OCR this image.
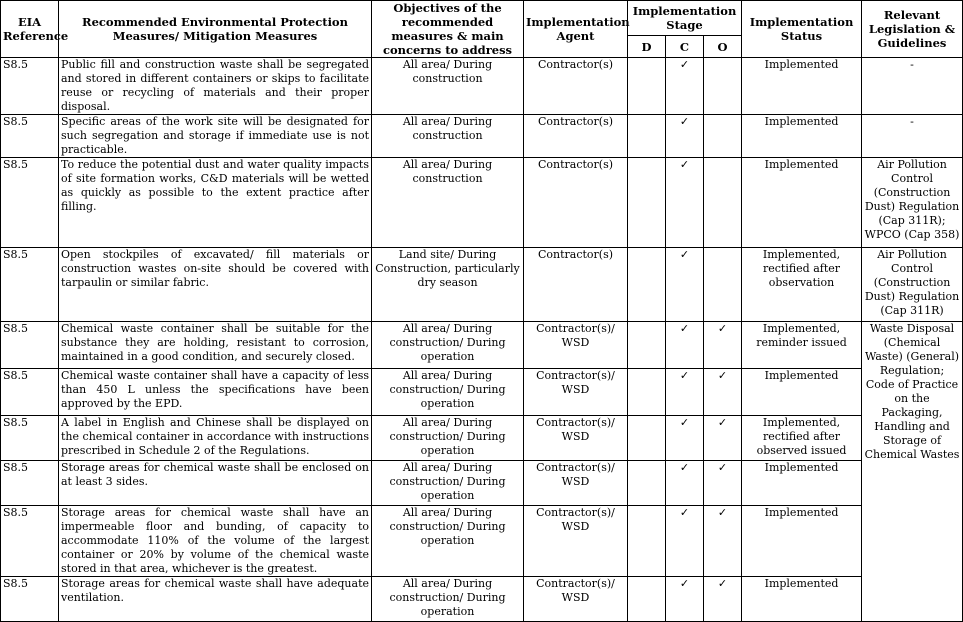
EIA Reference	Recommended Environmental Protection Measures/ Mitigation Measures	Objectives of the recommended measures & main concerns to address	Implementation Agent	Implementation Stage			Implementation Status	Relevant Legislation & Guidelines
				D	C	O		
S8.5	Public fill and construction waste shall be segregated and stored in different containers or skips to facilitate reuse or recycling of materials and their proper disposal.	All area/ During construction	Contractor(s)		✓		Implemented	-
S8.5	Specific areas of the work site will be designated for such segregation and storage if immediate use is not practicable.	All area/ During construction	Contractor(s)		✓		Implemented	-
S8.5	To reduce the potential dust and water quality impacts of site formation works, C&D materials will be wetted as quickly as possible to the extent practice after filling.	All area/ During construction	Contractor(s)		✓		Implemented	Air Pollution Control (Construction Dust) Regulation (Cap 311R); WPCO (Cap 358)
S8.5	Open stockpiles of excavated/ fill materials or construction wastes on-site should be covered with tarpaulin or similar fabric.	Land site/ During Construction, particularly dry season	Contractor(s)		✓		Implemented, rectified after observation	Air Pollution Control (Construction Dust) Regulation (Cap 311R)
S8.5	Chemical waste container shall be suitable for the substance they are holding, resistant to corrosion, maintained in a good condition, and securely closed.	All area/ During construction/ During operation	Contractor(s)/ WSD		✓	✓	Implemented, reminder issued	Waste Disposal (Chemical Waste) (General) Regulation; Code of Practice on the Packaging, Handling and Storage of Chemical Wastes
S8.5	Chemical waste container shall have a capacity of less than 450 L unless the specifications have been approved by the EPD.	All area/ During construction/ During operation	Contractor(s)/ WSD		✓	✓	Implemented	
S8.5	A label in English and Chinese shall be displayed on the chemical container in accordance with instructions prescribed in Schedule 2 of the Regulations.	All area/ During construction/ During operation	Contractor(s)/ WSD		✓	✓	Implemented, rectified after observed issued	
S8.5	Storage areas for chemical waste shall be enclosed on at least 3 sides.	All area/ During construction/ During operation	Contractor(s)/ WSD		✓	✓	Implemented	
S8.5	Storage areas for chemical waste shall have an impermeable floor and bunding, of capacity to accommodate 110% of the volume of the largest container or 20% by volume of the chemical waste stored in that area, whichever is the greatest.	All area/ During construction/ During operation	Contractor(s)/ WSD		✓	✓	Implemented	
S8.5	Storage areas for chemical waste shall have adequate ventilation.	All area/ During construction/ During operation	Contractor(s)/ WSD		✓	✓	Implemented	
